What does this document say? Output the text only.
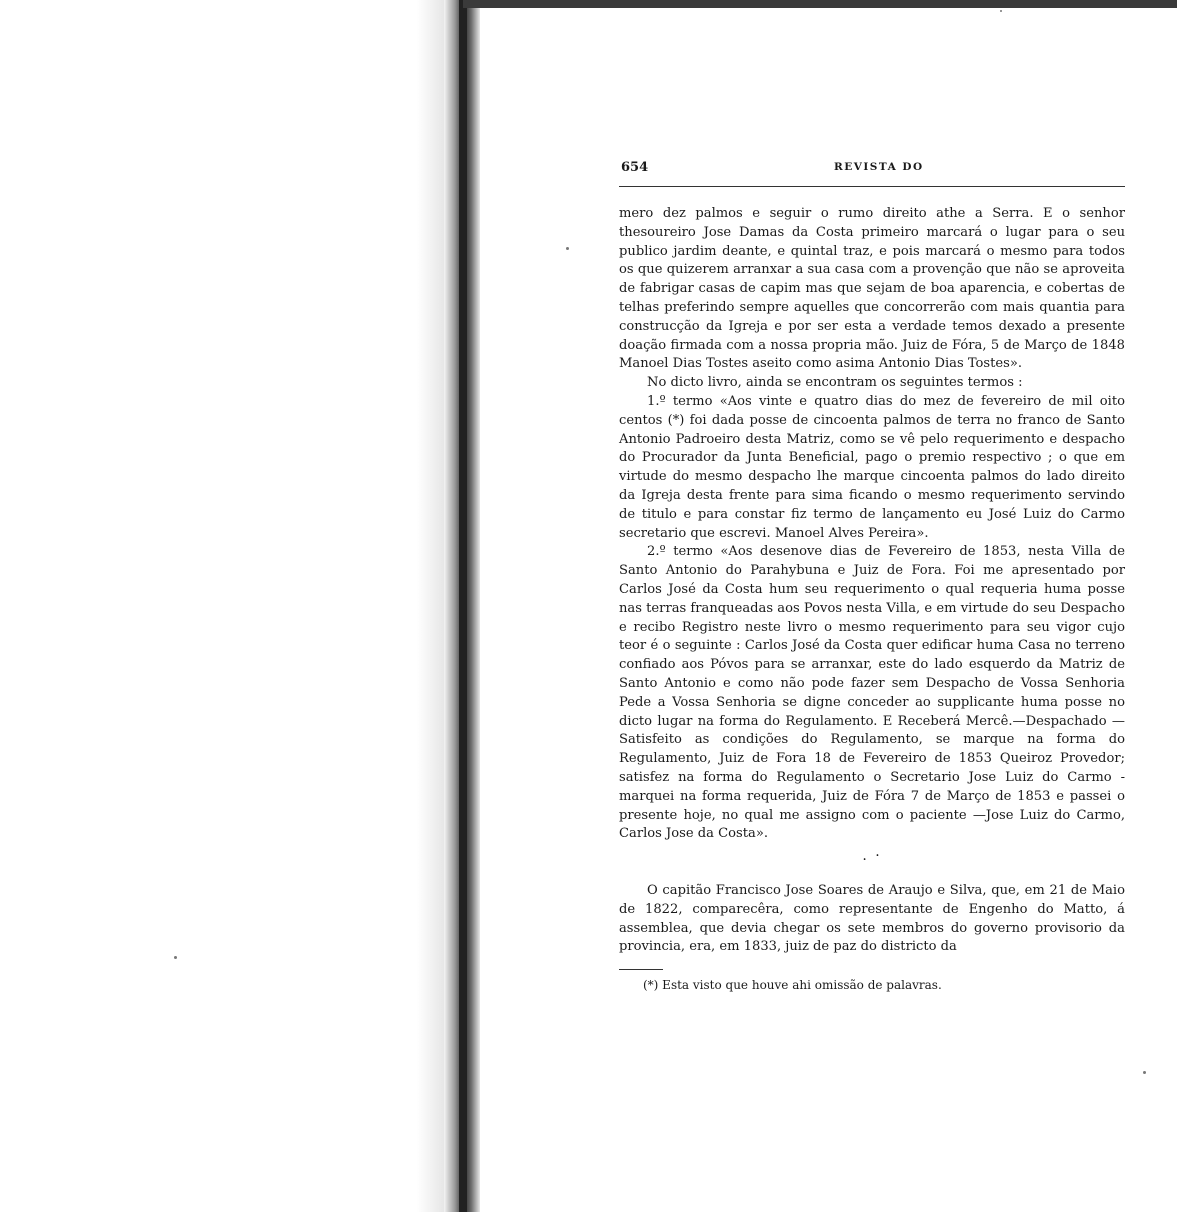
654	REVISTA DO

mero dez palmos e seguir o rumo direito athe a Serra. E o senhor thesoureiro Jose Damas da Costa primeiro marcará o lugar para o seu publico jardim deante, e quintal traz, e pois marcará o mesmo para todos os que quizerem arranxar a sua casa com a provenção que não se aproveita de fabrigar casas de capim mas que sejam de boa aparencia, e cobertas de telhas preferindo sempre aquelles que concorrerão com mais quantia para construcção da Igreja e por ser esta a verdade temos dexado a presente doação firmada com a nossa propria mão. Juiz de Fóra, 5 de Março de 1848 Manoel Dias Tostes aseito como asima Antonio Dias Tostes».

No dicto livro, ainda se encontram os seguintes termos :

1.º termo «Aos vinte e quatro dias do mez de fevereiro de mil oito centos (*) foi dada posse de cincoenta palmos de terra no franco de Santo Antonio Padroeiro desta Matriz, como se vê pelo requerimento e despacho do Procurador da Junta Beneficial, pago o premio respectivo ; o que em virtude do mesmo despacho lhe marque cincoenta palmos do lado direito da Igreja desta frente para sima ficando o mesmo requerimento servindo de titulo e para constar fiz termo de lançamento eu José Luiz do Carmo secretario que escrevi. Manoel Alves Pereira».

2.º termo «Aos desenove dias de Fevereiro de 1853, nesta Villa de Santo Antonio do Parahybuna e Juiz de Fora. Foi me apresentado por Carlos José da Costa hum seu requerimento o qual requeria huma posse nas terras franqueadas aos Povos nesta Villa, e em virtude do seu Despacho e recibo Registro neste livro o mesmo requerimento para seu vigor cujo teor é o seguinte : Carlos José da Costa quer edificar huma Casa no terreno confiado aos Póvos para se arranxar, este do lado esquerdo da Matriz de Santo Antonio e como não pode fazer sem Despacho de Vossa Senhoria Pede a Vossa Senhoria se digne conceder ao supplicante huma posse no dicto lugar na forma do Regulamento. E Receberá Mercê.—Despachado —Satisfeito as condições do Regulamento, se marque na forma do Regulamento, Juiz de Fora 18 de Fevereiro de 1853 Queiroz Provedor; satisfez na forma do Regulamento o Secretario Jose Luiz do Carmo - marquei na forma requerida, Juiz de Fóra 7 de Março de 1853 e passei o presente hoje, no qual me assigno com o paciente —Jose Luiz do Carmo, Carlos Jose da Costa».

. ·

O capitão Francisco Jose Soares de Araujo e Silva, que, em 21 de Maio de 1822, comparecêra, como representante de Engenho do Matto, á assemblea, que devia chegar os sete membros do governo provisorio da provincia, era, em 1833, juiz de paz do districto da

(*) Esta visto que houve ahi omissão de palavras.
